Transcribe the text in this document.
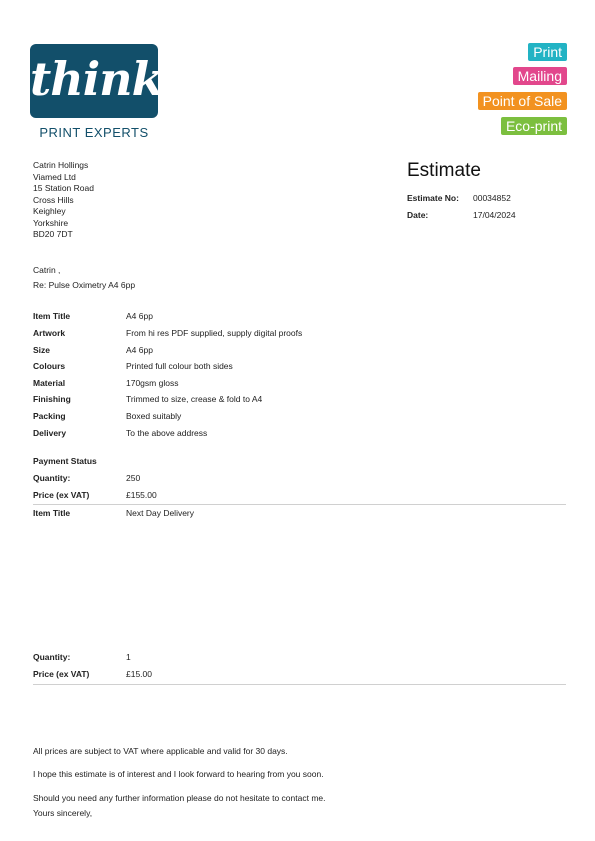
think
PRINT EXPERTS
Print
Mailing
Point of Sale
Eco-print
Catrin Hollings
Viamed Ltd
15 Station Road
Cross Hills
Keighley
Yorkshire
BD20 7DT
Estimate
Estimate No: 00034852
Date:	17/04/2024
Catrin ,
Re: Pulse Oximetry A4 6pp
Item Title	A4 6pp
Artwork	From hi res PDF supplied, supply digital proofs
Size	A4 6pp
Colours	Printed full colour both sides
Material	170gsm gloss
Finishing	Trimmed to size, crease & fold to A4
Packing	Boxed suitably
Delivery	To the above address
Payment Status
Quantity:	250
Price (ex VAT)	£155.00
Item Title	Next Day Delivery
Quantity:	1
Price (ex VAT)	£15.00
All prices are subject to VAT where applicable and valid for 30 days.
I hope this estimate is of interest and I look forward to hearing from you soon.
Should you need any further information please do not hesitate to contact me.
Yours sincerely,
